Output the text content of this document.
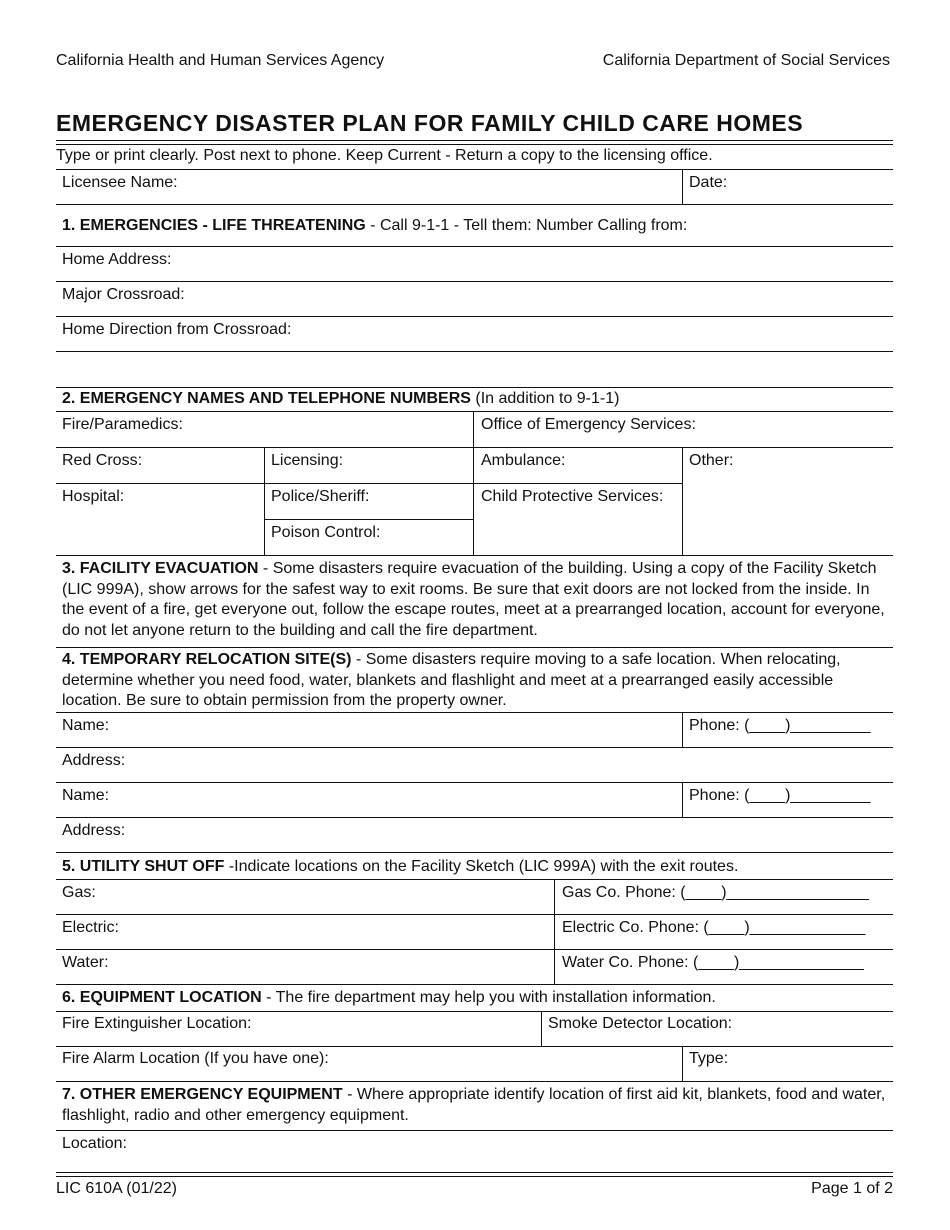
California Health and Human Services Agency	California Department of Social Services
EMERGENCY DISASTER PLAN FOR FAMILY CHILD CARE HOMES
Type or print clearly. Post next to phone. Keep Current - Return a copy to the licensing office.
Licensee Name:	Date:
1. EMERGENCIES - LIFE THREATENING - Call 9-1-1 - Tell them: Number Calling from:
Home Address:
Major Crossroad:
Home Direction from Crossroad:
2. EMERGENCY NAMES AND TELEPHONE NUMBERS (In addition to 9-1-1)
Fire/Paramedics:	Office of Emergency Services:
Red Cross:	Licensing:	Ambulance:	Other:
Hospital:	Police/Sheriff:	Child Protective Services:
Poison Control:
3. FACILITY EVACUATION - Some disasters require evacuation of the building. Using a copy of the Facility Sketch (LIC 999A), show arrows for the safest way to exit rooms. Be sure that exit doors are not locked from the inside. In the event of a fire, get everyone out, follow the escape routes, meet at a prearranged location, account for everyone, do not let anyone return to the building and call the fire department.
4. TEMPORARY RELOCATION SITE(S) - Some disasters require moving to a safe location. When relocating, determine whether you need food, water, blankets and flashlight and meet at a prearranged easily accessible location. Be sure to obtain permission from the property owner.
Name:	Phone: (____)_________
Address:
Name:	Phone: (____)_________
Address:
5. UTILITY SHUT OFF -Indicate locations on the Facility Sketch (LIC 999A) with the exit routes.
Gas:	Gas Co. Phone: (____)________________
Electric:	Electric Co. Phone: (____)_____________
Water:	Water Co. Phone: (____)______________
6. EQUIPMENT LOCATION - The fire department may help you with installation information.
Fire Extinguisher Location:	Smoke Detector Location:
Fire Alarm Location (If you have one):	Type:
7. OTHER EMERGENCY EQUIPMENT - Where appropriate identify location of first aid kit, blankets, food and water, flashlight, radio and other emergency equipment.
Location:
LIC 610A (01/22)	Page 1 of 2
